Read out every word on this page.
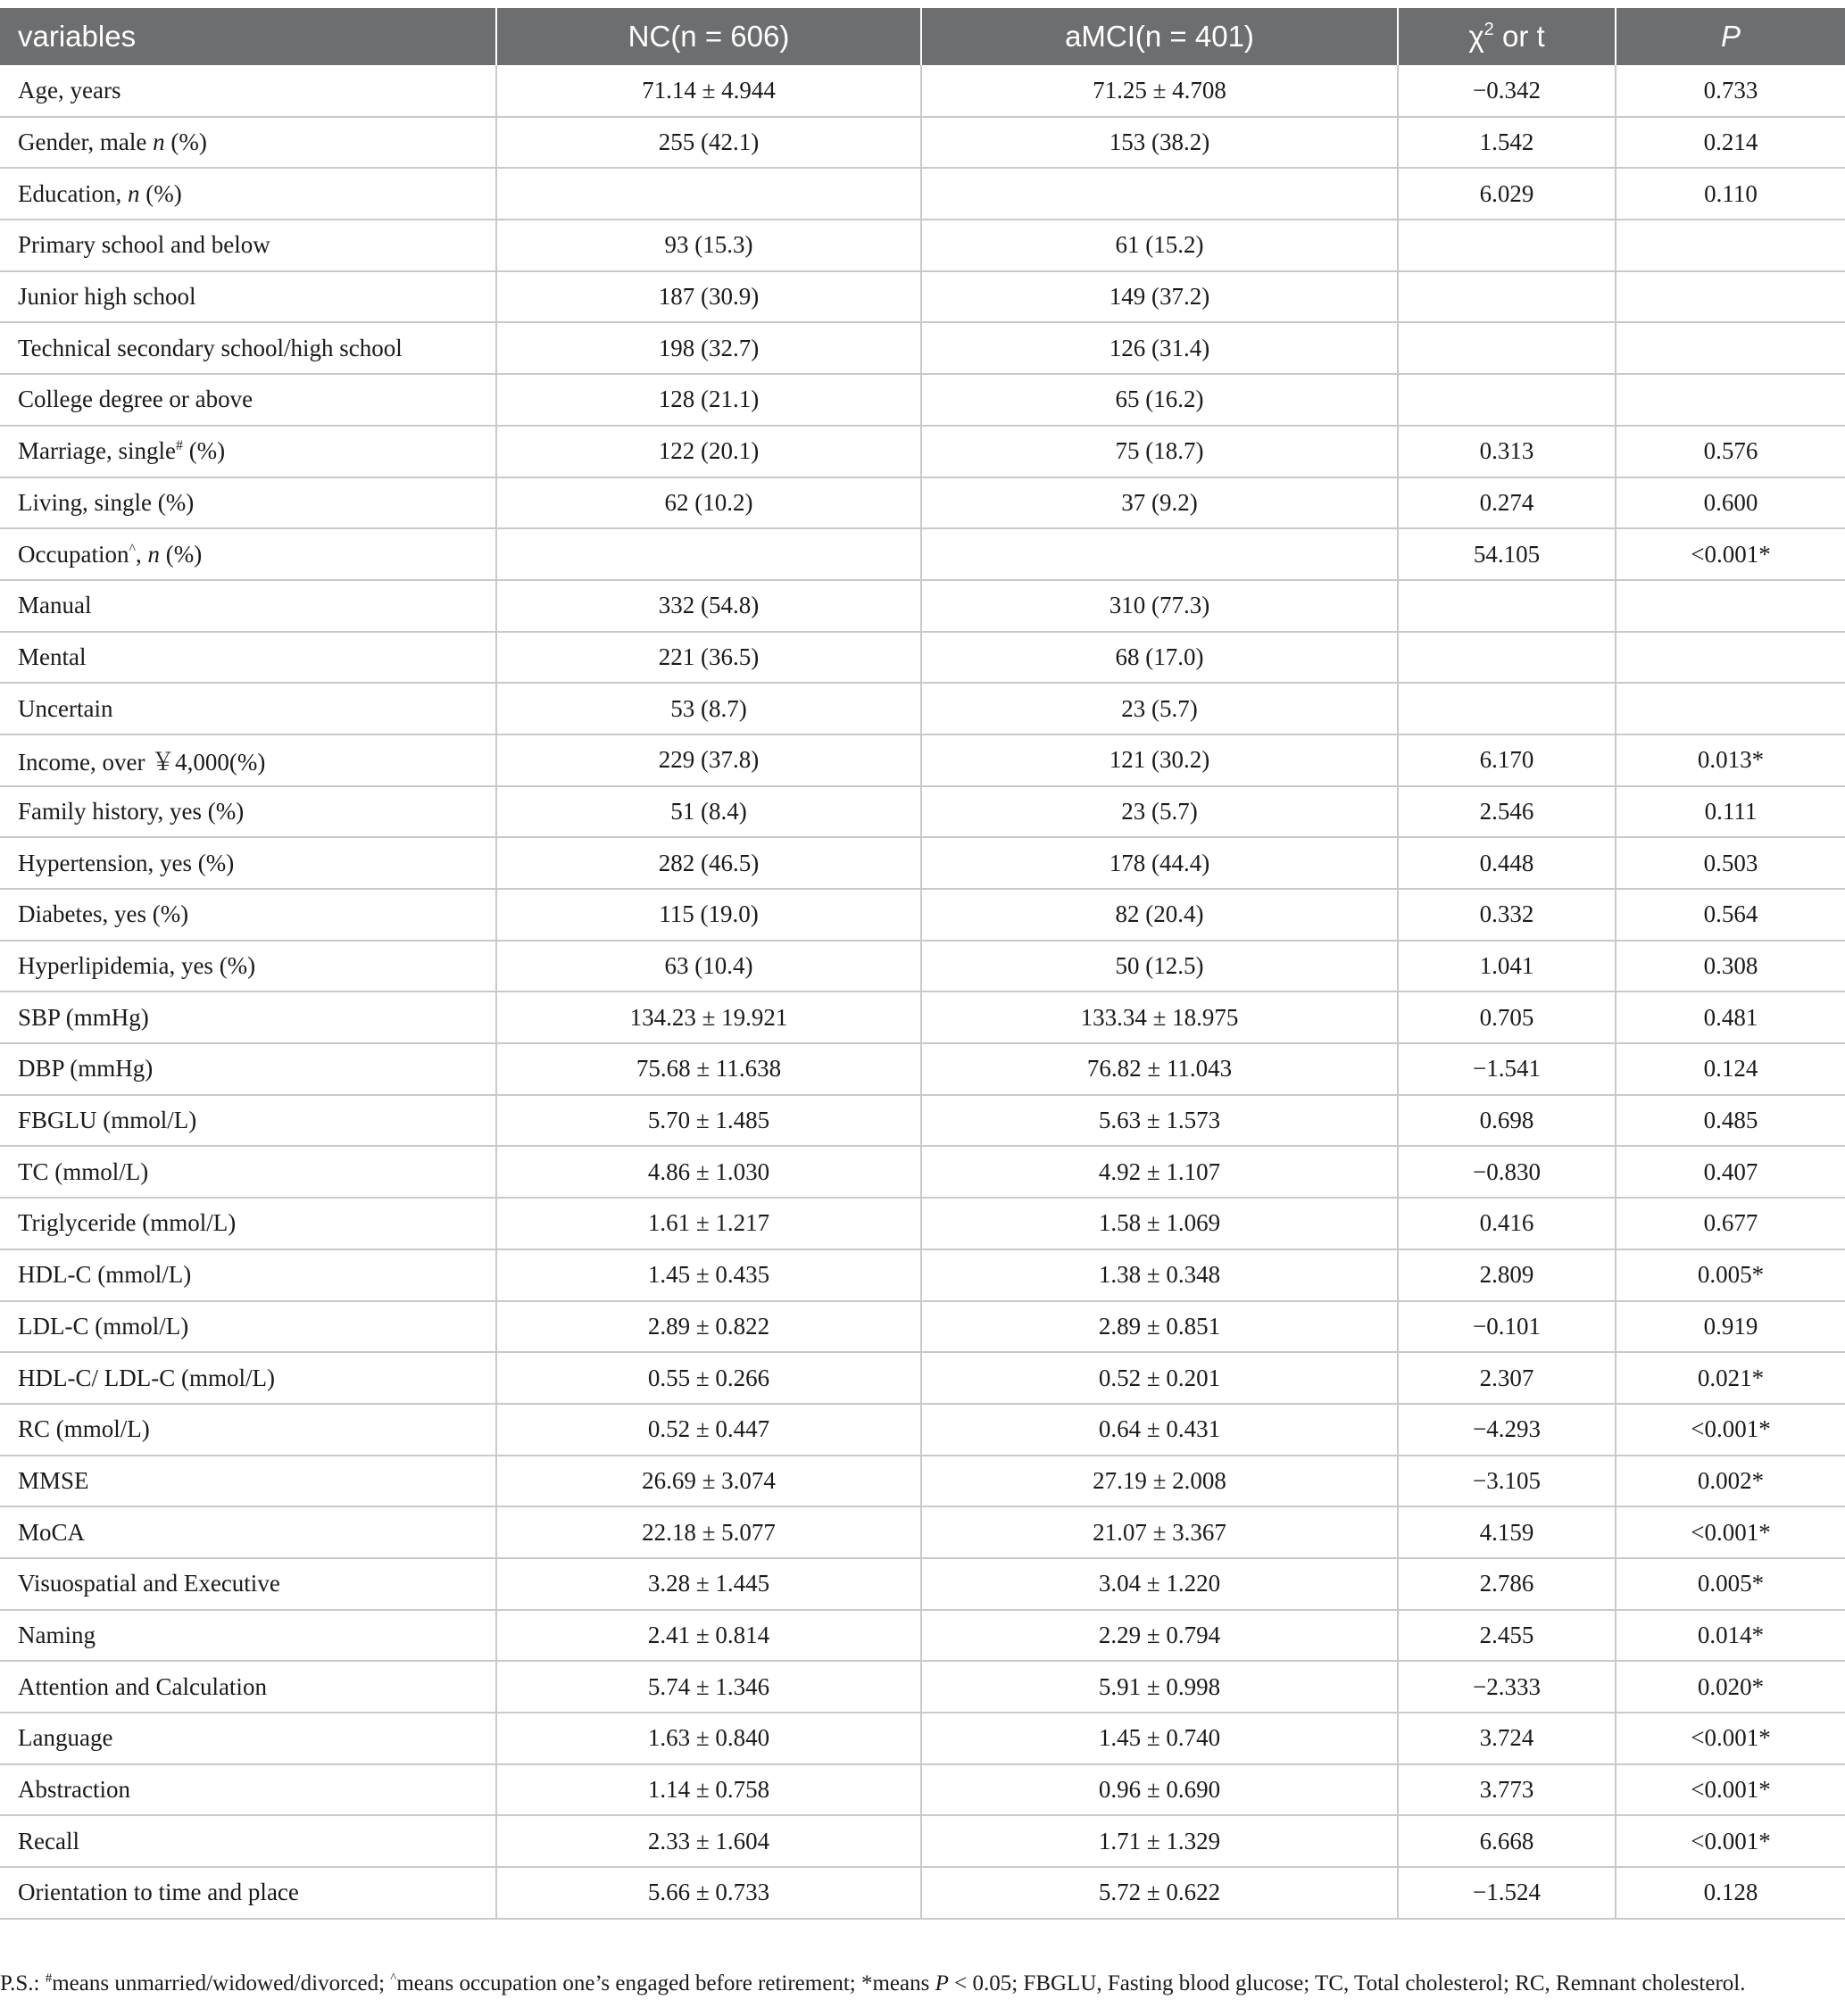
variables	NC(n = 606)	aMCI(n = 401)	$\chi^2$ or t	P
Age, years	71.14 ± 4.944	71.25 ± 4.708	−0.342	0.733
Gender, male n (%)	255 (42.1)	153 (38.2)	1.542	0.214
Education, n (%)			6.029	0.110
Primary school and below	93 (15.3)	61 (15.2)		
Junior high school	187 (30.9)	149 (37.2)		
Technical secondary school/high school	198 (32.7)	126 (31.4)		
College degree or above	128 (21.1)	65 (16.2)		
Marriage, single# (%)	122 (20.1)	75 (18.7)	0.313	0.576
Living, single (%)	62 (10.2)	37 (9.2)	0.274	0.600
Occupation^, n (%)			54.105	<0.001*
Manual	332 (54.8)	310 (77.3)		
Mental	221 (36.5)	68 (17.0)		
Uncertain	53 (8.7)	23 (5.7)		
Income, over ￥4,000(%)	229 (37.8)	121 (30.2)	6.170	0.013*
Family history, yes (%)	51 (8.4)	23 (5.7)	2.546	0.111
Hypertension, yes (%)	282 (46.5)	178 (44.4)	0.448	0.503
Diabetes, yes (%)	115 (19.0)	82 (20.4)	0.332	0.564
Hyperlipidemia, yes (%)	63 (10.4)	50 (12.5)	1.041	0.308
SBP (mmHg)	134.23 ± 19.921	133.34 ± 18.975	0.705	0.481
DBP (mmHg)	75.68 ± 11.638	76.82 ± 11.043	−1.541	0.124
FBGLU (mmol/L)	5.70 ± 1.485	5.63 ± 1.573	0.698	0.485
TC (mmol/L)	4.86 ± 1.030	4.92 ± 1.107	−0.830	0.407
Triglyceride (mmol/L)	1.61 ± 1.217	1.58 ± 1.069	0.416	0.677
HDL-C (mmol/L)	1.45 ± 0.435	1.38 ± 0.348	2.809	0.005*
LDL-C (mmol/L)	2.89 ± 0.822	2.89 ± 0.851	−0.101	0.919
HDL-C/ LDL-C (mmol/L)	0.55 ± 0.266	0.52 ± 0.201	2.307	0.021*
RC (mmol/L)	0.52 ± 0.447	0.64 ± 0.431	−4.293	<0.001*
MMSE	26.69 ± 3.074	27.19 ± 2.008	−3.105	0.002*
MoCA	22.18 ± 5.077	21.07 ± 3.367	4.159	<0.001*
Visuospatial and Executive	3.28 ± 1.445	3.04 ± 1.220	2.786	0.005*
Naming	2.41 ± 0.814	2.29 ± 0.794	2.455	0.014*
Attention and Calculation	5.74 ± 1.346	5.91 ± 0.998	−2.333	0.020*
Language	1.63 ± 0.840	1.45 ± 0.740	3.724	<0.001*
Abstraction	1.14 ± 0.758	0.96 ± 0.690	3.773	<0.001*
Recall	2.33 ± 1.604	1.71 ± 1.329	6.668	<0.001*
Orientation to time and place	5.66 ± 0.733	5.72 ± 0.622	−1.524	0.128
P.S.: #means unmarried/widowed/divorced; ^means occupation one’s engaged before retirement; *means P < 0.05; FBGLU, Fasting blood glucose; TC, Total cholesterol; RC, Remnant cholesterol.
